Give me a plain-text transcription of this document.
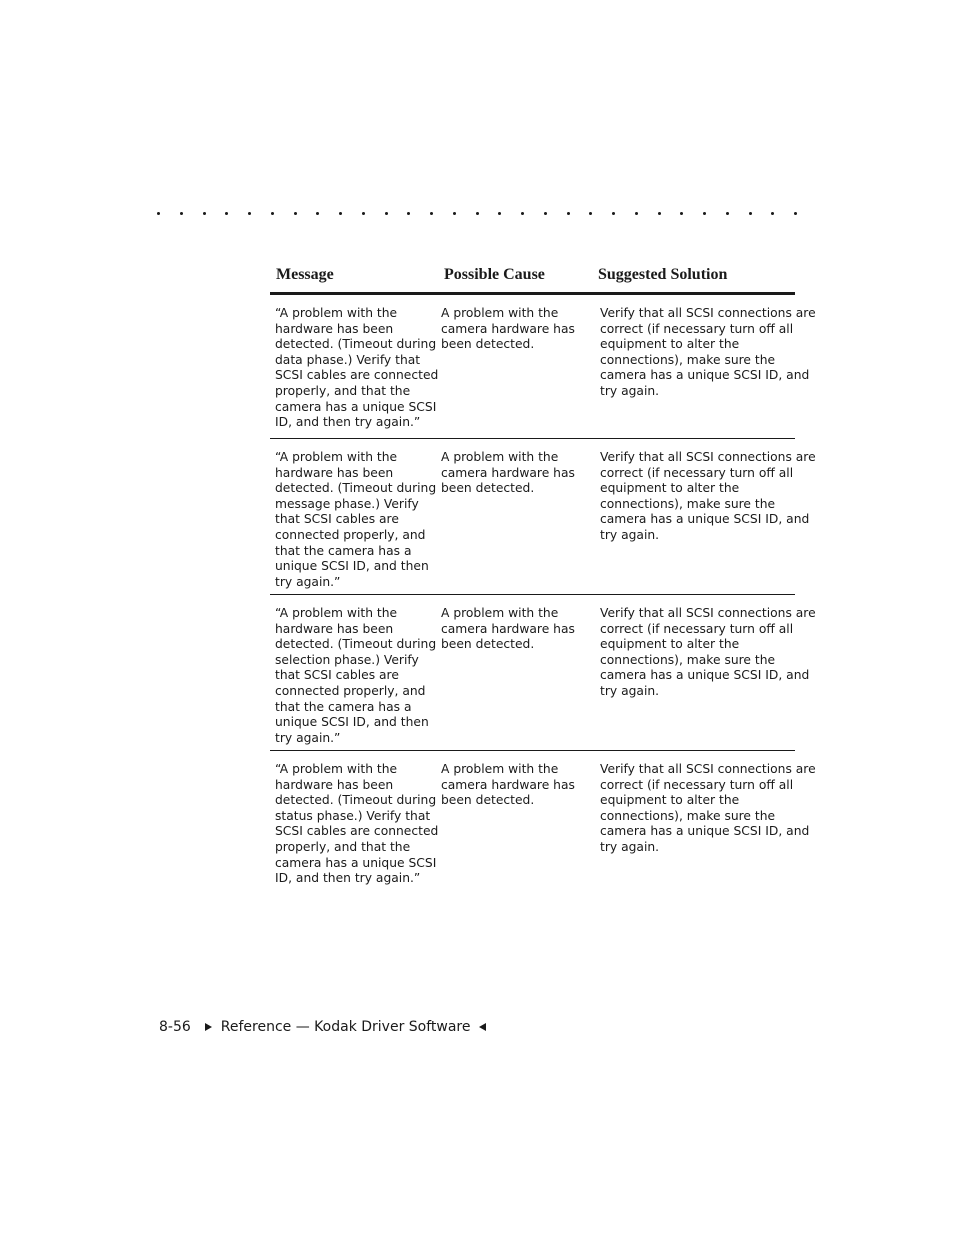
Message	Possible Cause	Suggested Solution
“A problem with the
hardware has been
detected. (Timeout during
data phase.) Verify that
SCSI cables are connected
properly, and that the
camera has a unique SCSI
ID, and then try again.”
A problem with the
camera hardware has
been detected.
Verify that all SCSI connections are
correct (if necessary turn off all
equipment to alter the
connections), make sure the
camera has a unique SCSI ID, and
try again.
“A problem with the
hardware has been
detected. (Timeout during
message phase.) Verify
that SCSI cables are
connected properly, and
that the camera has a
unique SCSI ID, and then
try again.”
A problem with the
camera hardware has
been detected.
Verify that all SCSI connections are
correct (if necessary turn off all
equipment to alter the
connections), make sure the
camera has a unique SCSI ID, and
try again.
“A problem with the
hardware has been
detected. (Timeout during
selection phase.) Verify
that SCSI cables are
connected properly, and
that the camera has a
unique SCSI ID, and then
try again.”
A problem with the
camera hardware has
been detected.
Verify that all SCSI connections are
correct (if necessary turn off all
equipment to alter the
connections), make sure the
camera has a unique SCSI ID, and
try again.
“A problem with the
hardware has been
detected. (Timeout during
status phase.) Verify that
SCSI cables are connected
properly, and that the
camera has a unique SCSI
ID, and then try again.”
A problem with the
camera hardware has
been detected.
Verify that all SCSI connections are
correct (if necessary turn off all
equipment to alter the
connections), make sure the
camera has a unique SCSI ID, and
try again.
8-56 Reference — Kodak Driver Software
